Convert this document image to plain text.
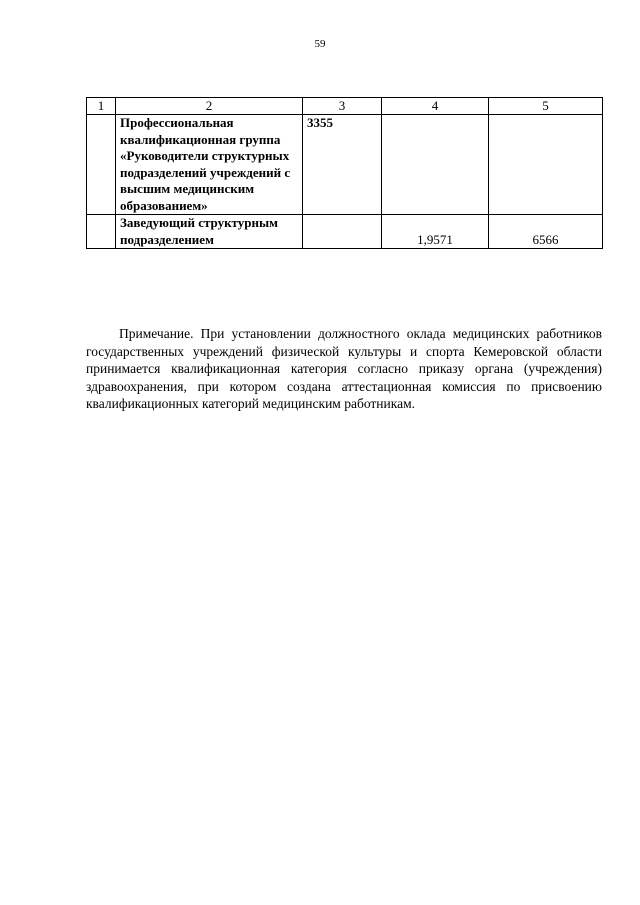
59
1	2	3	4	5
	Профессиональная квалификационная группа «Руководители структурных подразделений учреждений с высшим медицинским образованием»	3355		
	Заведующий структурным подразделением		1,9571	6566

Примечание. При установлении должностного оклада медицинских работников государственных учреждений физической культуры и спорта Кемеровской области принимается квалификационная категория согласно приказу органа (учреждения) здравоохранения, при котором создана аттестационная комиссия по присвоению квалификационных категорий медицинским работникам.
